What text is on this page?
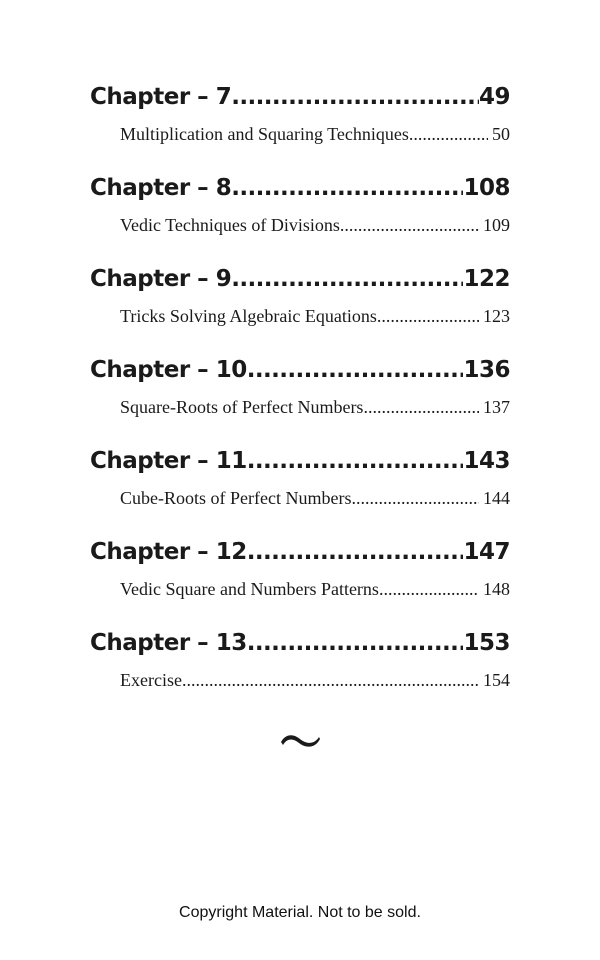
Chapter – 7 .....	49
Multiplication and Squaring Techniques .....	50
Chapter – 8 .....	108
Vedic Techniques of Divisions .....	109
Chapter – 9 .....	122
Tricks Solving Algebraic Equations .....	123
Chapter – 10 .....	136
Square-Roots of Perfect Numbers .....	137
Chapter – 11 .....	143
Cube-Roots of Perfect Numbers .....	144
Chapter – 12 .....	147
Vedic Square and Numbers Patterns .....	148
Chapter – 13 .....	153
Exercise .....	154
Copyright Material. Not to be sold.
